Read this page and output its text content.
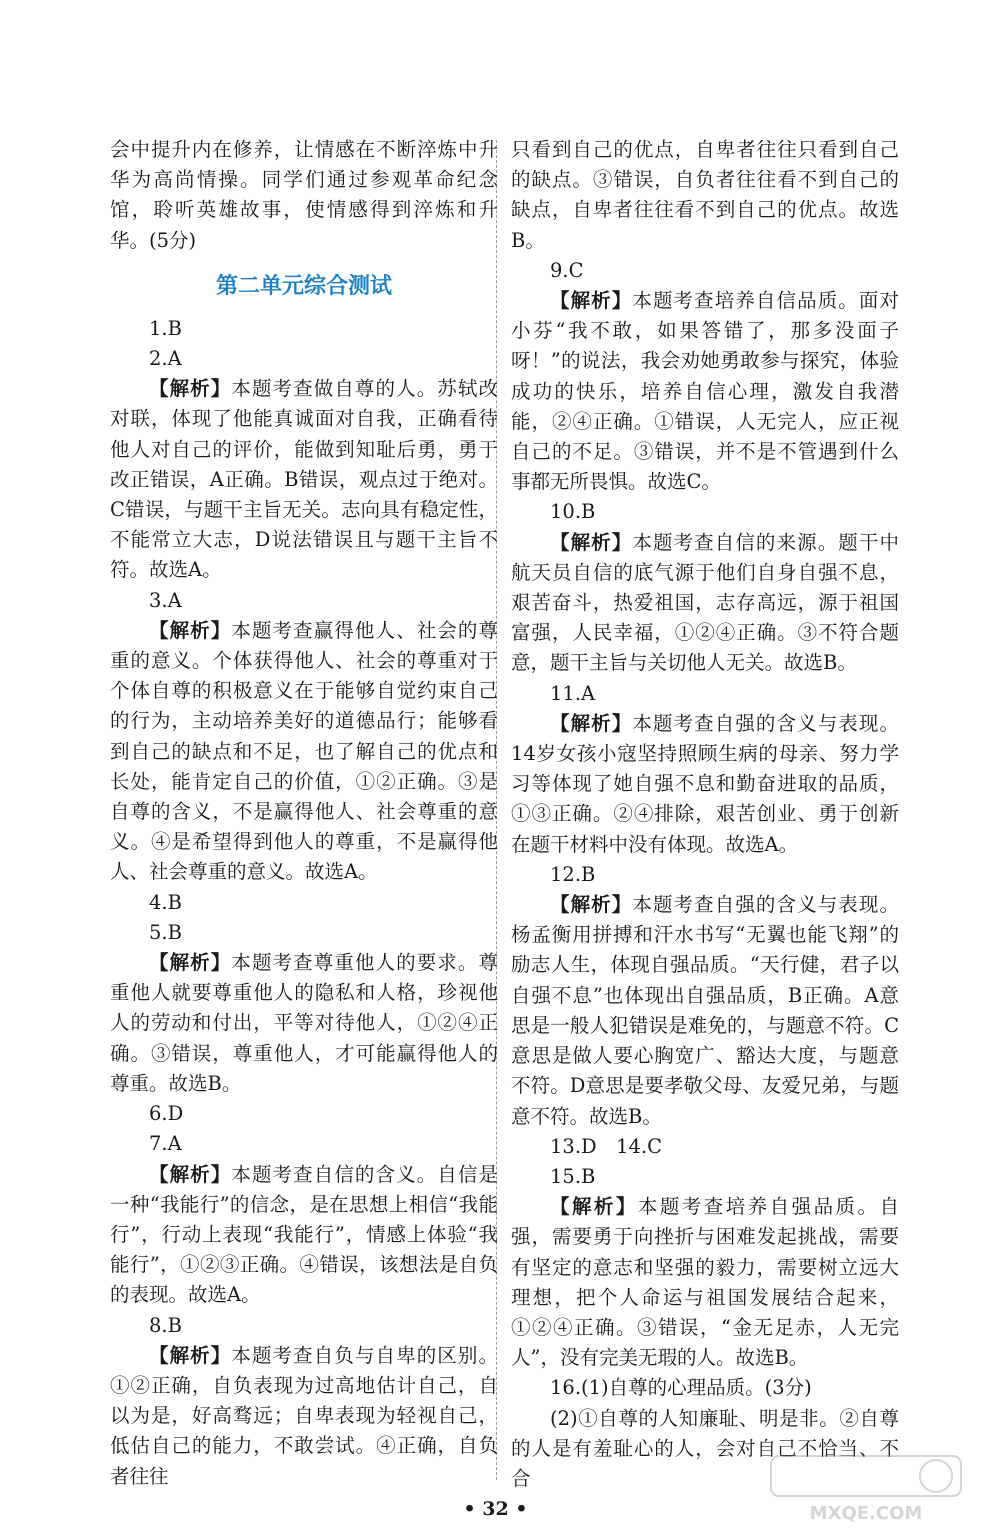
会中提升内在修养，让情感在不断淬炼中升华为高尚情操。同学们通过参观革命纪念馆，聆听英雄故事，使情感得到淬炼和升华。(5分)

第二单元综合测试

1.B

2.A

【解析】本题考查做自尊的人。苏轼改对联，体现了他能真诚面对自我，正确看待他人对自己的评价，能做到知耻后勇，勇于改正错误，A正确。B错误，观点过于绝对。C错误，与题干主旨无关。志向具有稳定性，不能常立大志，D说法错误且与题干主旨不符。故选A。

3.A

【解析】本题考查赢得他人、社会的尊重的意义。个体获得他人、社会的尊重对于个体自尊的积极意义在于能够自觉约束自己的行为，主动培养美好的道德品行；能够看到自己的缺点和不足，也了解自己的优点和长处，能肯定自己的价值，①②正确。③是自尊的含义，不是赢得他人、社会尊重的意义。④是希望得到他人的尊重，不是赢得他人、社会尊重的意义。故选A。

4.B

5.B

【解析】本题考查尊重他人的要求。尊重他人就要尊重他人的隐私和人格，珍视他人的劳动和付出，平等对待他人，①②④正确。③错误，尊重他人，才可能赢得他人的尊重。故选B。

6.D

7.A

【解析】本题考查自信的含义。自信是一种“我能行”的信念，是在思想上相信“我能行”，行动上表现“我能行”，情感上体验“我能行”，①②③正确。④错误，该想法是自负的表现。故选A。

8.B

【解析】本题考查自负与自卑的区别。①②正确，自负表现为过高地估计自己，自以为是，好高骛远；自卑表现为轻视自己，低估自己的能力，不敢尝试。④正确，自负者往往

只看到自己的优点，自卑者往往只看到自己的缺点。③错误，自负者往往看不到自己的缺点，自卑者往往看不到自己的优点。故选B。

9.C

【解析】本题考查培养自信品质。面对小芬“我不敢，如果答错了，那多没面子呀！”的说法，我会劝她勇敢参与探究，体验成功的快乐，培养自信心理，激发自我潜能，②④正确。①错误，人无完人，应正视自己的不足。③错误，并不是不管遇到什么事都无所畏惧。故选C。

10.B

【解析】本题考查自信的来源。题干中航天员自信的底气源于他们自身自强不息，艰苦奋斗，热爱祖国，志存高远，源于祖国富强，人民幸福，①②④正确。③不符合题意，题干主旨与关切他人无关。故选B。

11.A

【解析】本题考查自强的含义与表现。14岁女孩小寇坚持照顾生病的母亲、努力学习等体现了她自强不息和勤奋进取的品质，①③正确。②④排除，艰苦创业、勇于创新在题干材料中没有体现。故选A。

12.B

【解析】本题考查自强的含义与表现。杨孟衡用拼搏和汗水书写“无翼也能飞翔”的励志人生，体现自强品质。“天行健，君子以自强不息”也体现出自强品质，B正确。A意思是一般人犯错误是难免的，与题意不符。C意思是做人要心胸宽广、豁达大度，与题意不符。D意思是要孝敬父母、友爱兄弟，与题意不符。故选B。

13.D　14.C

15.B

【解析】本题考查培养自强品质。自强，需要勇于向挫折与困难发起挑战，需要有坚定的意志和坚强的毅力，需要树立远大理想，把个人命运与祖国发展结合起来，①②④正确。③错误，“金无足赤，人无完人”，没有完美无瑕的人。故选B。

16.(1)自尊的心理品质。(3分)

(2)①自尊的人知廉耻、明是非。②自尊的人是有羞耻心的人，会对自己不恰当、不合

• 32 •	MXQE.COM
